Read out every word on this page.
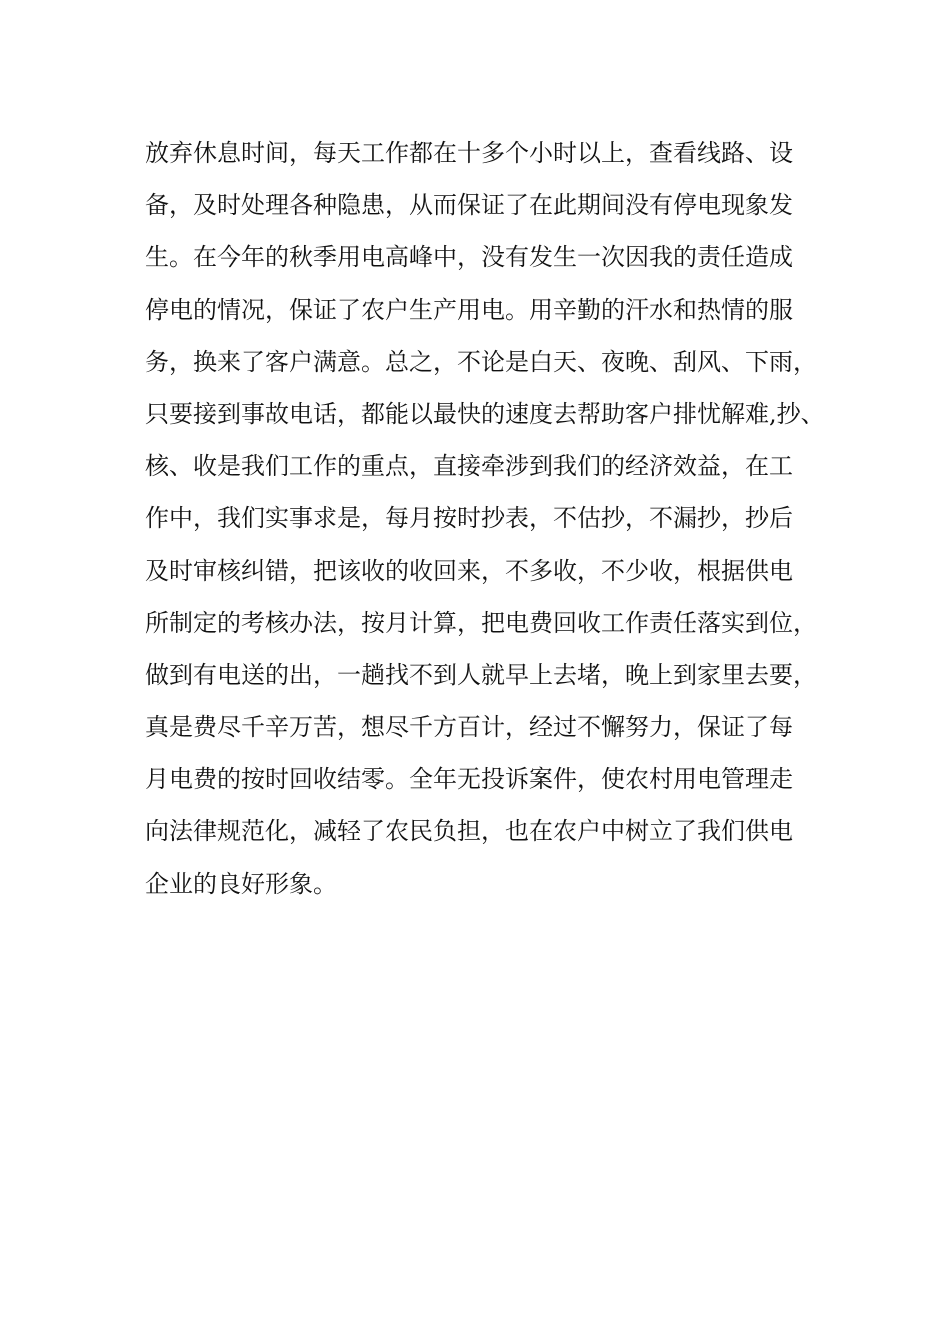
放弃休息时间，每天工作都在十多个小时以上，查看线路、设

备，及时处理各种隐患，从而保证了在此期间没有停电现象发

生。在今年的秋季用电高峰中，没有发生一次因我的责任造成

停电的情况，保证了农户生产用电。用辛勤的汗水和热情的服

务，换来了客户满意。总之，不论是白天、夜晚、刮风、下雨，

只要接到事故电话，都能以最快的速度去帮助客户排忧解难,抄、

核、收是我们工作的重点，直接牵涉到我们的经济效益，在工

作中，我们实事求是，每月按时抄表，不估抄，不漏抄，抄后

及时审核纠错，把该收的收回来，不多收，不少收，根据供电

所制定的考核办法，按月计算，把电费回收工作责任落实到位，

做到有电送的出，一趟找不到人就早上去堵，晚上到家里去要，

真是费尽千辛万苦，想尽千方百计，经过不懈努力，保证了每

月电费的按时回收结零。全年无投诉案件，使农村用电管理走

向法律规范化，减轻了农民负担，也在农户中树立了我们供电

企业的良好形象。
